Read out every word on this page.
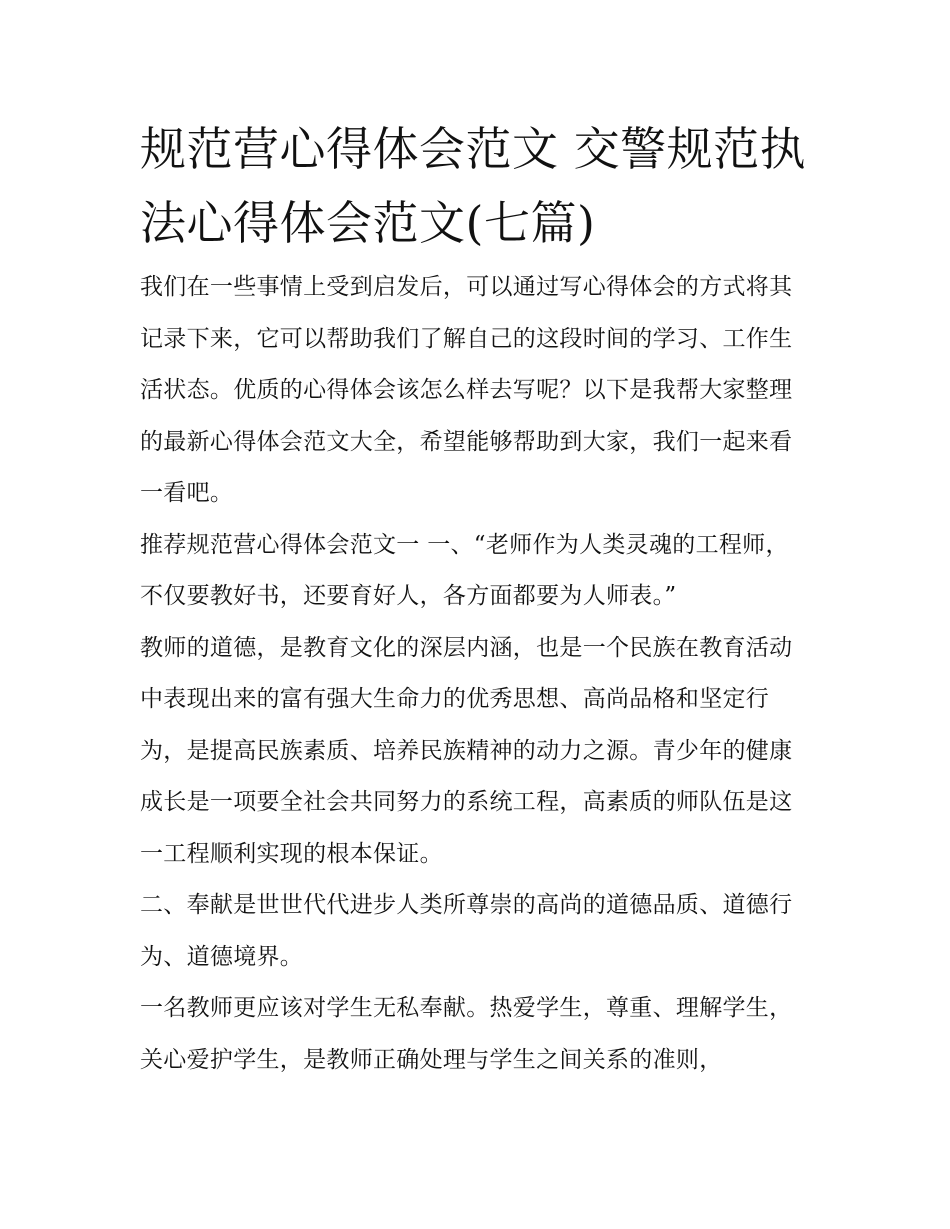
规范营心得体会范文 交警规范执法心得体会范文(七篇)

我们在一些事情上受到启发后，可以通过写心得体会的方式将其记录下来，它可以帮助我们了解自己的这段时间的学习、工作生活状态。优质的心得体会该怎么样去写呢？以下是我帮大家整理的最新心得体会范文大全，希望能够帮助到大家，我们一起来看一看吧。

推荐规范营心得体会范文一 一、“老师作为人类灵魂的工程师，不仅要教好书，还要育好人，各方面都要为人师表。”

教师的道德，是教育文化的深层内涵，也是一个民族在教育活动中表现出来的富有强大生命力的优秀思想、高尚品格和坚定行为，是提高民族素质、培养民族精神的动力之源。青少年的健康成长是一项要全社会共同努力的系统工程，高素质的师队伍是这一工程顺利实现的根本保证。

二、奉献是世世代代进步人类所尊崇的高尚的道德品质、道德行为、道德境界。

一名教师更应该对学生无私奉献。热爱学生，尊重、理解学生，关心爱护学生，是教师正确处理与学生之间关系的准则，
